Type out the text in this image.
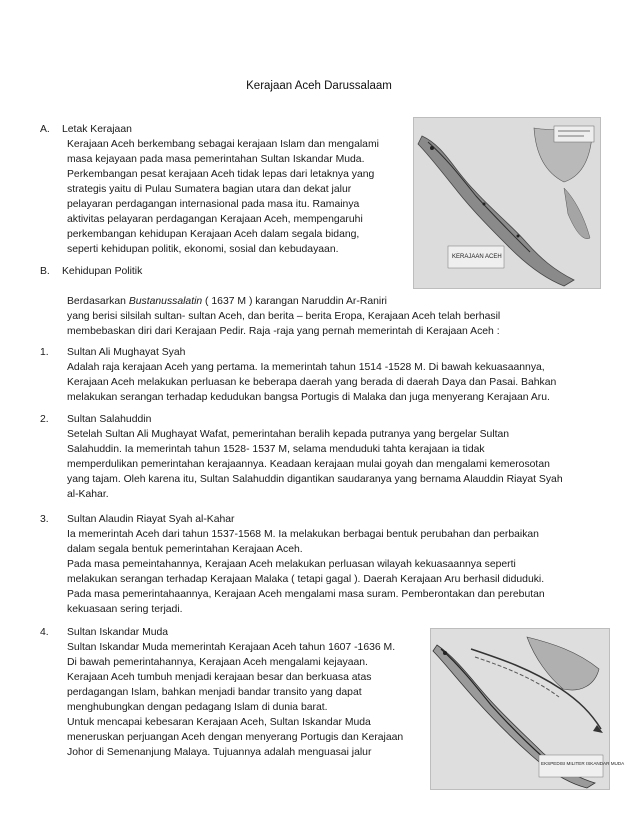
Kerajaan Aceh Darussalaam
A. Letak Kerajaan
Kerajaan Aceh berkembang sebagai kerajaan Islam dan mengalami
masa kejayaan pada masa pemerintahan Sultan Iskandar Muda.
Perkembangan pesat kerajaan Aceh tidak lepas dari letaknya yang
strategis yaitu di Pulau Sumatera bagian utara dan dekat jalur
pelayaran perdagangan internasional pada masa itu. Ramainya
aktivitas pelayaran perdagangan Kerajaan Aceh, mempengaruhi
perkembangan kehidupan Kerajaan Aceh dalam segala bidang,
seperti kehidupan politik, ekonomi, sosial dan kebudayaan.
KERAJAAN ACEH
B. Kehidupan Politik
Berdasarkan Bustanussalatin ( 1637 M ) karangan Naruddin Ar-Raniri
yang berisi silsilah sultan- sultan Aceh, dan berita – berita Eropa, Kerajaan Aceh telah berhasil
membebaskan diri dari Kerajaan Pedir. Raja -raja yang pernah memerintah di Kerajaan Aceh :
1. Sultan Ali Mughayat Syah
Adalah raja kerajaan Aceh yang pertama. Ia memerintah tahun 1514 -1528 M. Di bawah kekuasaannya,
Kerajaan Aceh melakukan perluasan ke beberapa daerah yang berada di daerah Daya dan Pasai. Bahkan
melakukan serangan terhadap kedudukan bangsa Portugis di Malaka dan juga menyerang Kerajaan Aru.
2. Sultan Salahuddin
Setelah Sultan Ali Mughayat Wafat, pemerintahan beralih kepada putranya yang bergelar Sultan
Salahuddin. Ia memerintah tahun 1528- 1537 M, selama menduduki tahta kerajaan ia tidak
memperdulikan pemerintahan kerajaannya. Keadaan kerajaan mulai goyah dan mengalami kemerosotan
yang tajam. Oleh karena itu, Sultan Salahuddin digantikan saudaranya yang bernama Alauddin Riayat Syah
al-Kahar.
3. Sultan Alaudin Riayat Syah al-Kahar
Ia memerintah Aceh dari tahun 1537-1568 M. Ia melakukan berbagai bentuk perubahan dan perbaikan
dalam segala bentuk pemerintahan Kerajaan Aceh.
Pada masa pemeintahannya, Kerajaan Aceh melakukan perluasan wilayah kekuasaannya seperti
melakukan serangan terhadap Kerajaan Malaka ( tetapi gagal ). Daerah Kerajaan Aru berhasil diduduki.
Pada masa pemerintahaannya, Kerajaan Aceh mengalami masa suram. Pemberontakan dan perebutan
kekuasaan sering terjadi.
4. Sultan Iskandar Muda
Sultan Iskandar Muda memerintah Kerajaan Aceh tahun 1607 -1636 M.
Di bawah pemerintahannya, Kerajaan Aceh mengalami kejayaan.
Kerajaan Aceh tumbuh menjadi kerajaan besar dan berkuasa atas
perdagangan Islam, bahkan menjadi bandar transito yang dapat
menghubungkan dengan pedagang Islam di dunia barat.
Untuk mencapai kebesaran Kerajaan Aceh, Sultan Iskandar Muda
meneruskan perjuangan Aceh dengan menyerang Portugis dan Kerajaan
Johor di Semenanjung Malaya. Tujuannya adalah menguasai jalur
EKSPEDISI MILITER ISKANDAR MUDA
